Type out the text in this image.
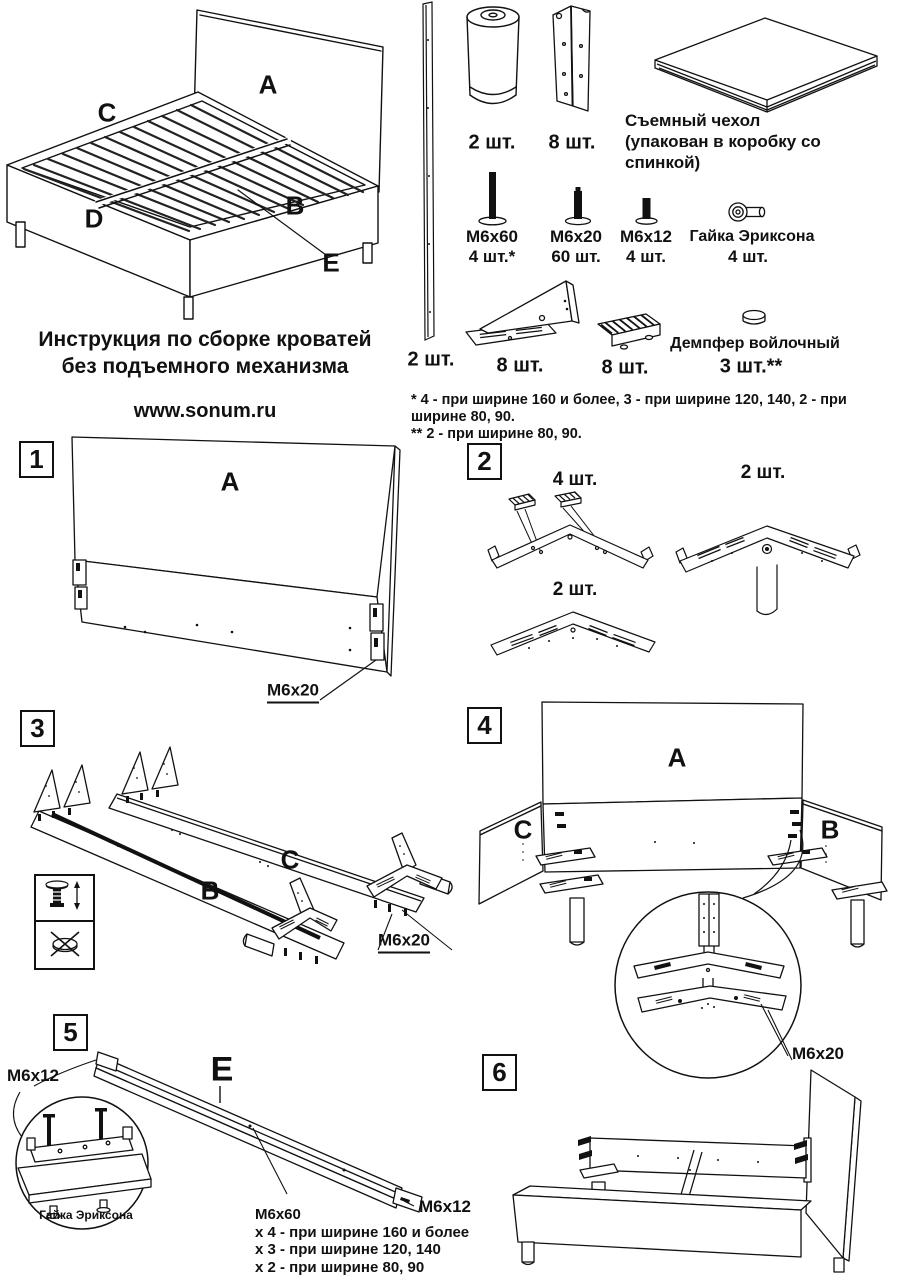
A
C
D	B
E
Инструкция по сборке кроватей
без подъемного механизма
www.sonum.ru
2 шт.
2 шт. 8 шт.
Съемный чехол
(упакован в коробку со спинкой)
M6x60
4 шт.*
M6x20
60 шт.
M6x12
4 шт.
Гайка Эриксона
4 шт.
8 шт.	8 шт.
Демпфер войлочный
3 шт.**
* 4 - при ширине 160 и более, 3 - при ширине 120, 140, 2 - при ширине 80, 90.
** 2 - при ширине 80, 90.
1
A
M6x20
2
4 шт.	2 шт.
2 шт.
3
C
B
M6x20
4
A
C	B
M6x20
5
M6x12	E
Гайка Эриксона	M6x12
M6x60
x 4 - при ширине 160 и более
x 3 - при ширине 120, 140
x 2 - при ширине 80, 90
6
